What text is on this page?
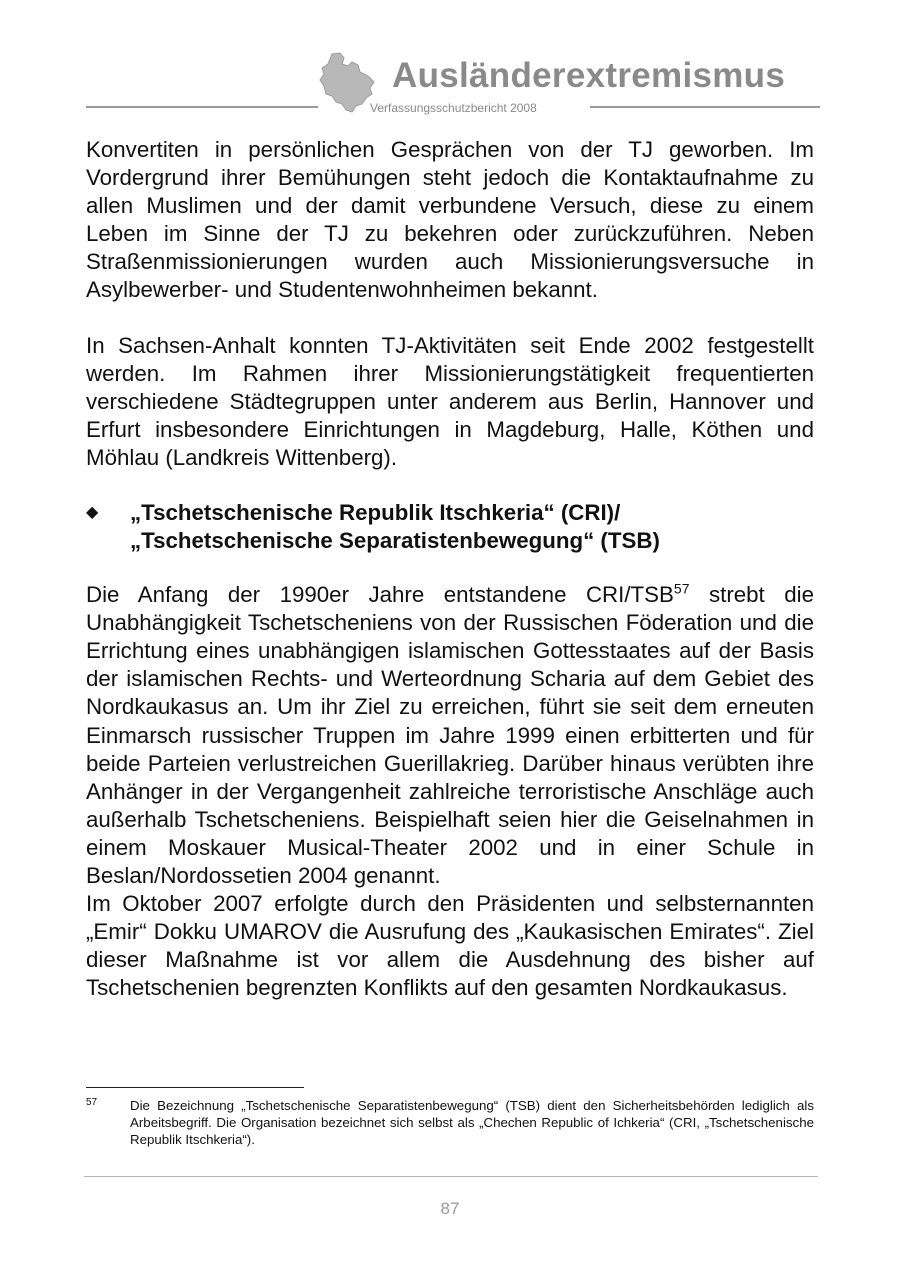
Ausländerextremismus
Verfassungsschutzbericht 2008

Konvertiten in persönlichen Gesprächen von der TJ geworben. Im Vordergrund ihrer Bemühungen steht jedoch die Kontaktaufnahme zu allen Muslimen und der damit verbundene Versuch, diese zu einem Leben im Sinne der TJ zu bekehren oder zurückzuführen. Neben Straßenmissionierungen wurden auch Missionierungsversuche in Asylbewerber- und Studentenwohnheimen bekannt.

In Sachsen-Anhalt konnten TJ-Aktivitäten seit Ende 2002 festgestellt werden. Im Rahmen ihrer Missionierungstätigkeit frequentierten verschiedene Städtegruppen unter anderem aus Berlin, Hannover und Erfurt insbesondere Einrichtungen in Magdeburg, Halle, Köthen und Möhlau (Landkreis Wittenberg).

◆ „Tschetschenische Republik Itschkeria“ (CRI)/
„Tschetschenische Separatistenbewegung“ (TSB)

Die Anfang der 1990er Jahre entstandene CRI/TSB$^{57}$ strebt die Unabhängigkeit Tschetscheniens von der Russischen Föderation und die Errichtung eines unabhängigen islamischen Gottesstaates auf der Basis der islamischen Rechts- und Werteordnung Scharia auf dem Gebiet des Nordkaukasus an. Um ihr Ziel zu erreichen, führt sie seit dem erneuten Einmarsch russischer Truppen im Jahre 1999 einen erbitterten und für beide Parteien verlustreichen Guerillakrieg. Darüber hinaus verübten ihre Anhänger in der Vergangenheit zahlreiche terroristische Anschläge auch außerhalb Tschetscheniens. Beispielhaft seien hier die Geiselnahmen in einem Moskauer Musical-Theater 2002 und in einer Schule in Beslan/Nordossetien 2004 genannt.

Im Oktober 2007 erfolgte durch den Präsidenten und selbsternannten „Emir“ Dokku UMAROV die Ausrufung des „Kaukasischen Emirates“. Ziel dieser Maßnahme ist vor allem die Ausdehnung des bisher auf Tschetschenien begrenzten Konflikts auf den gesamten Nordkaukasus.

57 Die Bezeichnung „Tschetschenische Separatistenbewegung“ (TSB) dient den Sicherheitsbehörden lediglich als Arbeitsbegriff. Die Organisation bezeichnet sich selbst als „Chechen Republic of Ichkeria“ (CRI, „Tschetschenische Republik Itschkeria“).
87
